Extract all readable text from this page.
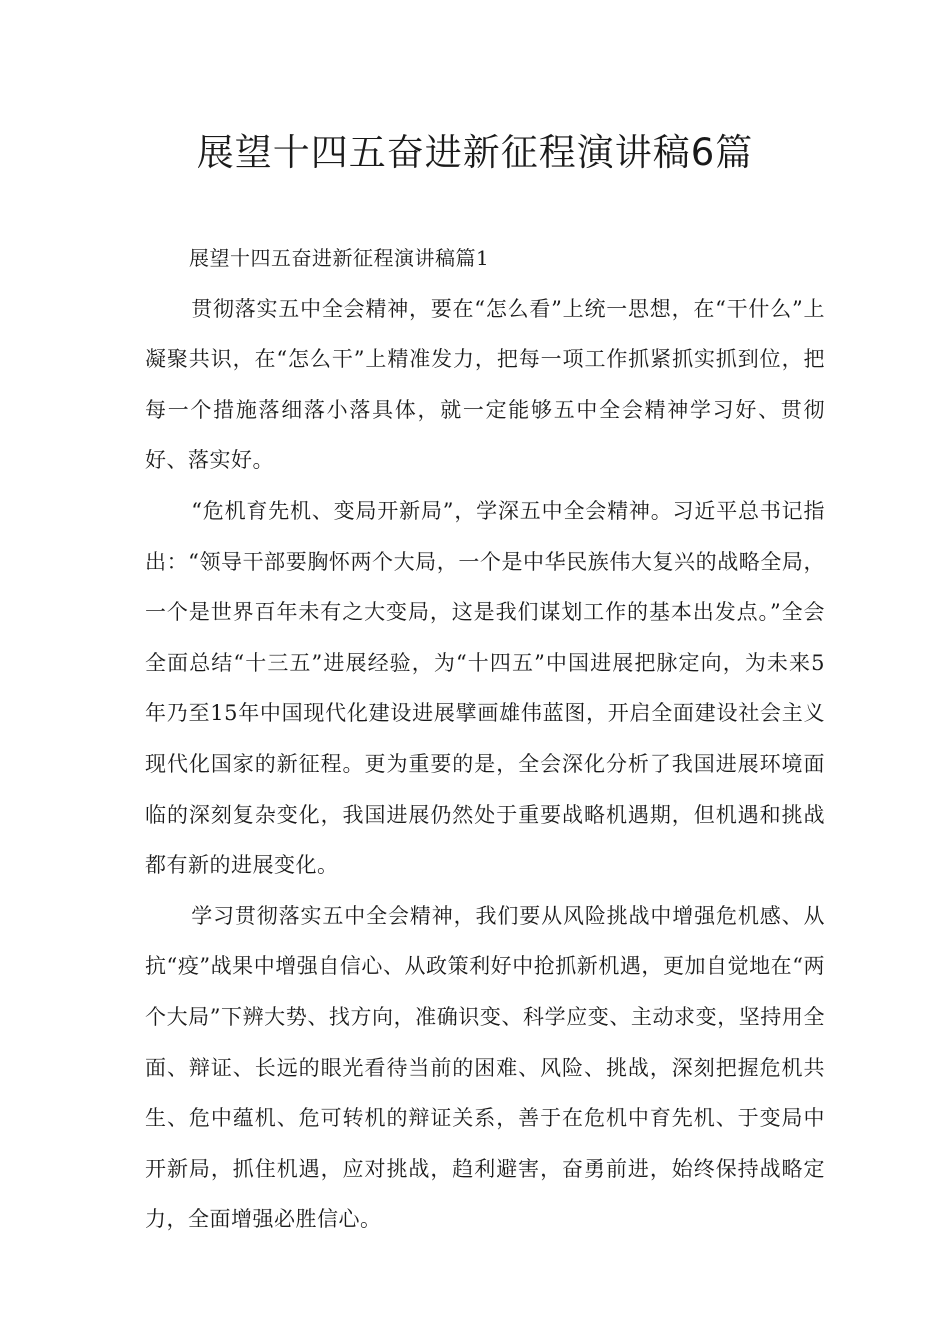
展望十四五奋进新征程演讲稿6篇

展望十四五奋进新征程演讲稿篇1

贯彻落实五中全会精神，要在“怎么看”上统一思想，在“干什么”上凝聚共识，在“怎么干”上精准发力，把每一项工作抓紧抓实抓到位，把每一个措施落细落小落具体，就一定能够五中全会精神学习好、贯彻好、落实好。

“危机育先机、变局开新局”，学深五中全会精神。习近平总书记指出：“领导干部要胸怀两个大局，一个是中华民族伟大复兴的战略全局，一个是世界百年未有之大变局，这是我们谋划工作的基本出发点。”全会全面总结“十三五”进展经验，为“十四五”中国进展把脉定向，为未来5年乃至15年中国现代化建设进展擘画雄伟蓝图，开启全面建设社会主义现代化国家的新征程。更为重要的是，全会深化分析了我国进展环境面临的深刻复杂变化，我国进展仍然处于重要战略机遇期，但机遇和挑战都有新的进展变化。

学习贯彻落实五中全会精神，我们要从风险挑战中增强危机感、从抗“疫”战果中增强自信心、从政策利好中抢抓新机遇，更加自觉地在“两个大局”下辨大势、找方向，准确识变、科学应变、主动求变，坚持用全面、辩证、长远的眼光看待当前的困难、风险、挑战，深刻把握危机共生、危中蕴机、危可转机的辩证关系，善于在危机中育先机、于变局中开新局，抓住机遇，应对挑战，趋利避害，奋勇前进，始终保持战略定力，全面增强必胜信心。
